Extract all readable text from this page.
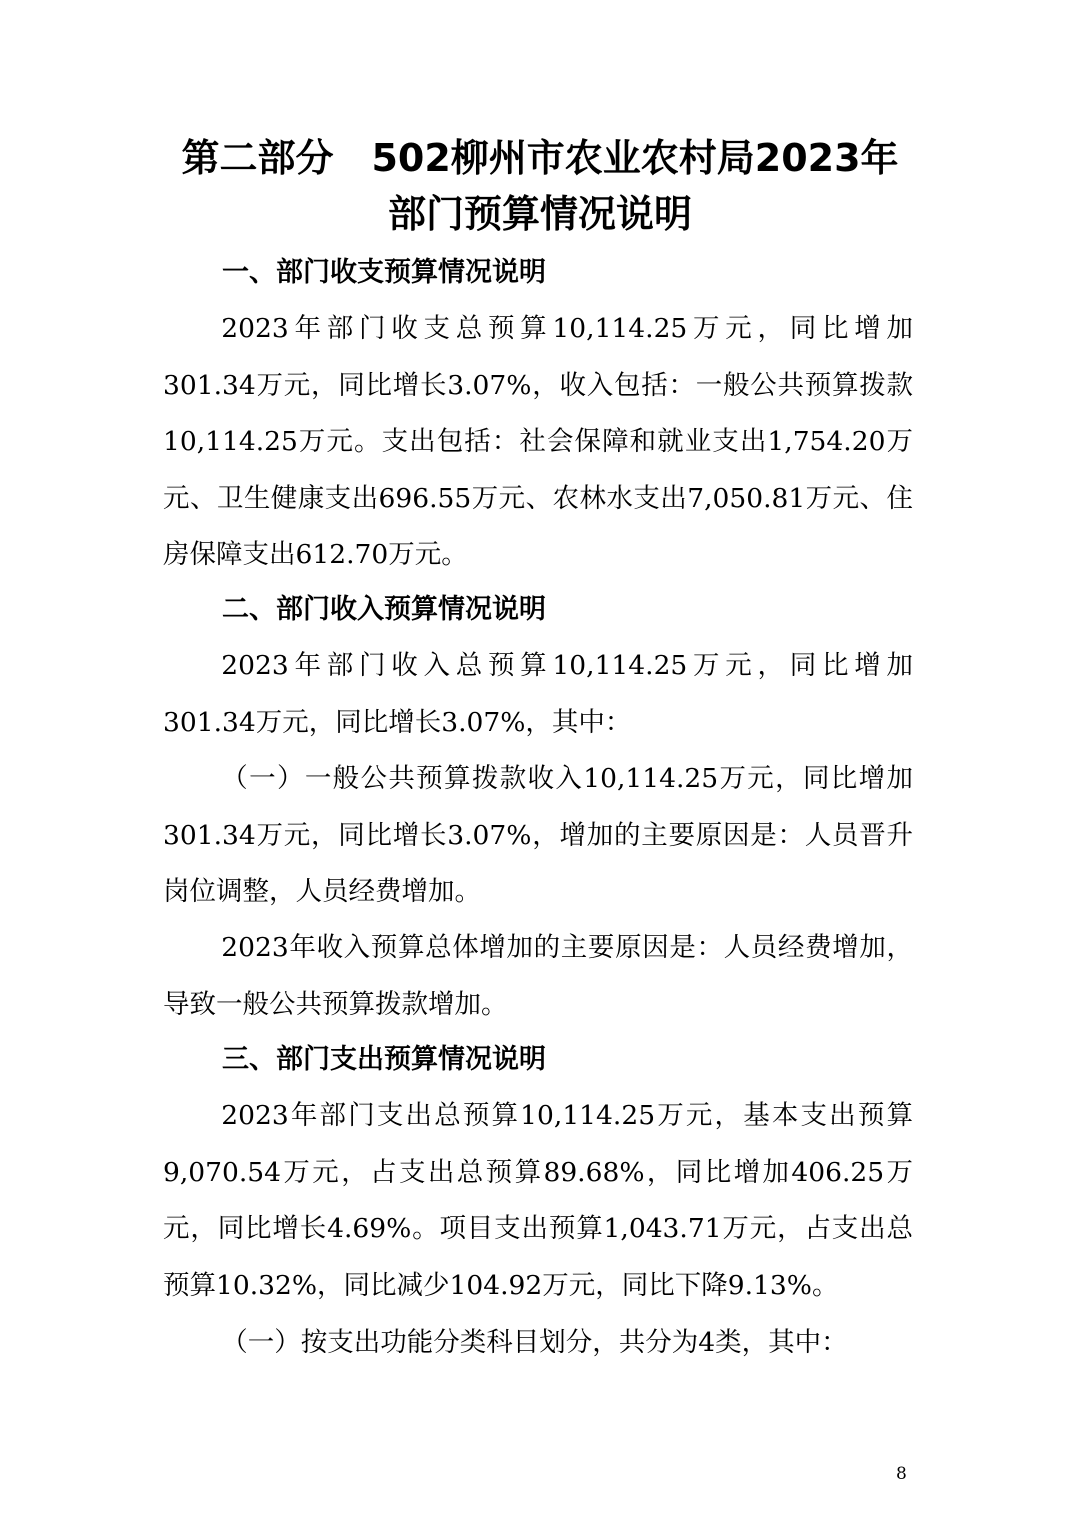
第二部分　502柳州市农业农村局2023年
部门预算情况说明
一、部门收支预算情况说明

2023年部门收支总预算10,114.25万元，同比增加301.34万元，同比增长3.07%，收入包括：一般公共预算拨款10,114.25万元。支出包括：社会保障和就业支出1,754.20万元、卫生健康支出696.55万元、农林水支出7,050.81万元、住房保障支出612.70万元。

二、部门收入预算情况说明

2023年部门收入总预算10,114.25万元，同比增加301.34万元，同比增长3.07%，其中：

（一）一般公共预算拨款收入10,114.25万元，同比增加301.34万元，同比增长3.07%，增加的主要原因是：人员晋升岗位调整，人员经费增加。

2023年收入预算总体增加的主要原因是：人员经费增加，导致一般公共预算拨款增加。

三、部门支出预算情况说明

2023年部门支出总预算10,114.25万元，基本支出预算9,070.54万元，占支出总预算89.68%，同比增加406.25万元，同比增长4.69%。项目支出预算1,043.71万元，占支出总预算10.32%，同比减少104.92万元，同比下降9.13%。

（一）按支出功能分类科目划分，共分为4类，其中：

8
